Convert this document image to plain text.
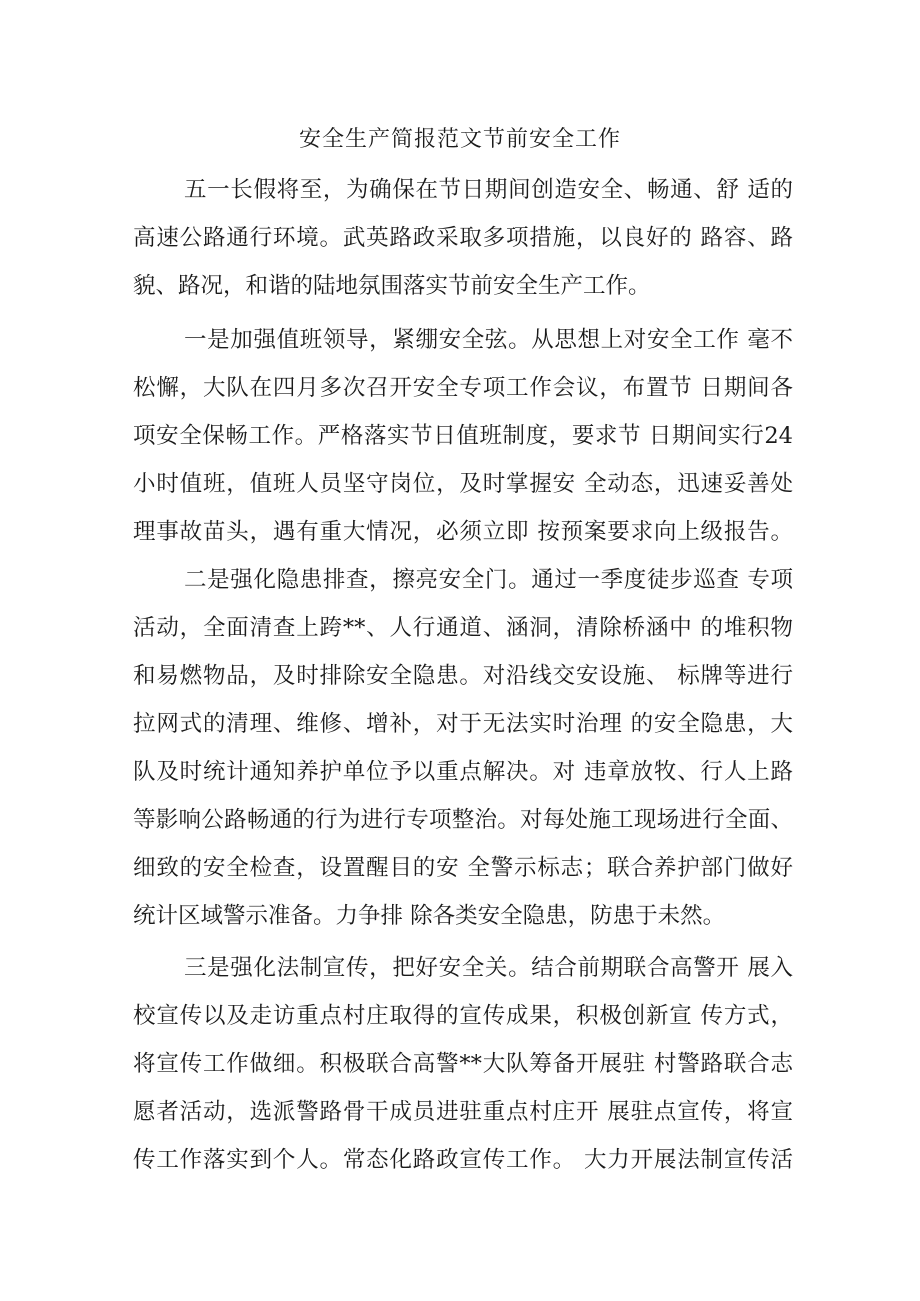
安全生产简报范文节前安全工作
五一长假将至，为确保在节日期间创造安全、畅通、舒 适的
高速公路通行环境。武英路政采取多项措施，以良好的 路容、路
貌、路况，和谐的陆地氛围落实节前安全生产工作。
一是加强值班领导，紧绷安全弦。从思想上对安全工作 毫不
松懈，大队在四月多次召开安全专项工作会议，布置节 日期间各
项安全保畅工作。严格落实节日值班制度，要求节 日期间实行24
小时值班，值班人员坚守岗位，及时掌握安 全动态，迅速妥善处
理事故苗头，遇有重大情况，必须立即 按预案要求向上级报告。
二是强化隐患排查，擦亮安全门。通过一季度徒步巡查 专项
活动，全面清查上跨**、人行通道、涵洞，清除桥涵中 的堆积物
和易燃物品，及时排除安全隐患。对沿线交安设施、 标牌等进行
拉网式的清理、维修、增补，对于无法实时治理 的安全隐患，大
队及时统计通知养护单位予以重点解决。对 违章放牧、行人上路
等影响公路畅通的行为进行专项整治。对每处施工现场进行全面、
细致的安全检查，设置醒目的安 全警示标志；联合养护部门做好
统计区域警示准备。力争排 除各类安全隐患，防患于未然。
三是强化法制宣传，把好安全关。结合前期联合高警开 展入
校宣传以及走访重点村庄取得的宣传成果，积极创新宣 传方式，
将宣传工作做细。积极联合高警**大队筹备开展驻 村警路联合志
愿者活动，选派警路骨干成员进驻重点村庄开 展驻点宣传，将宣
传工作落实到个人。常态化路政宣传工作。 大力开展法制宣传活
